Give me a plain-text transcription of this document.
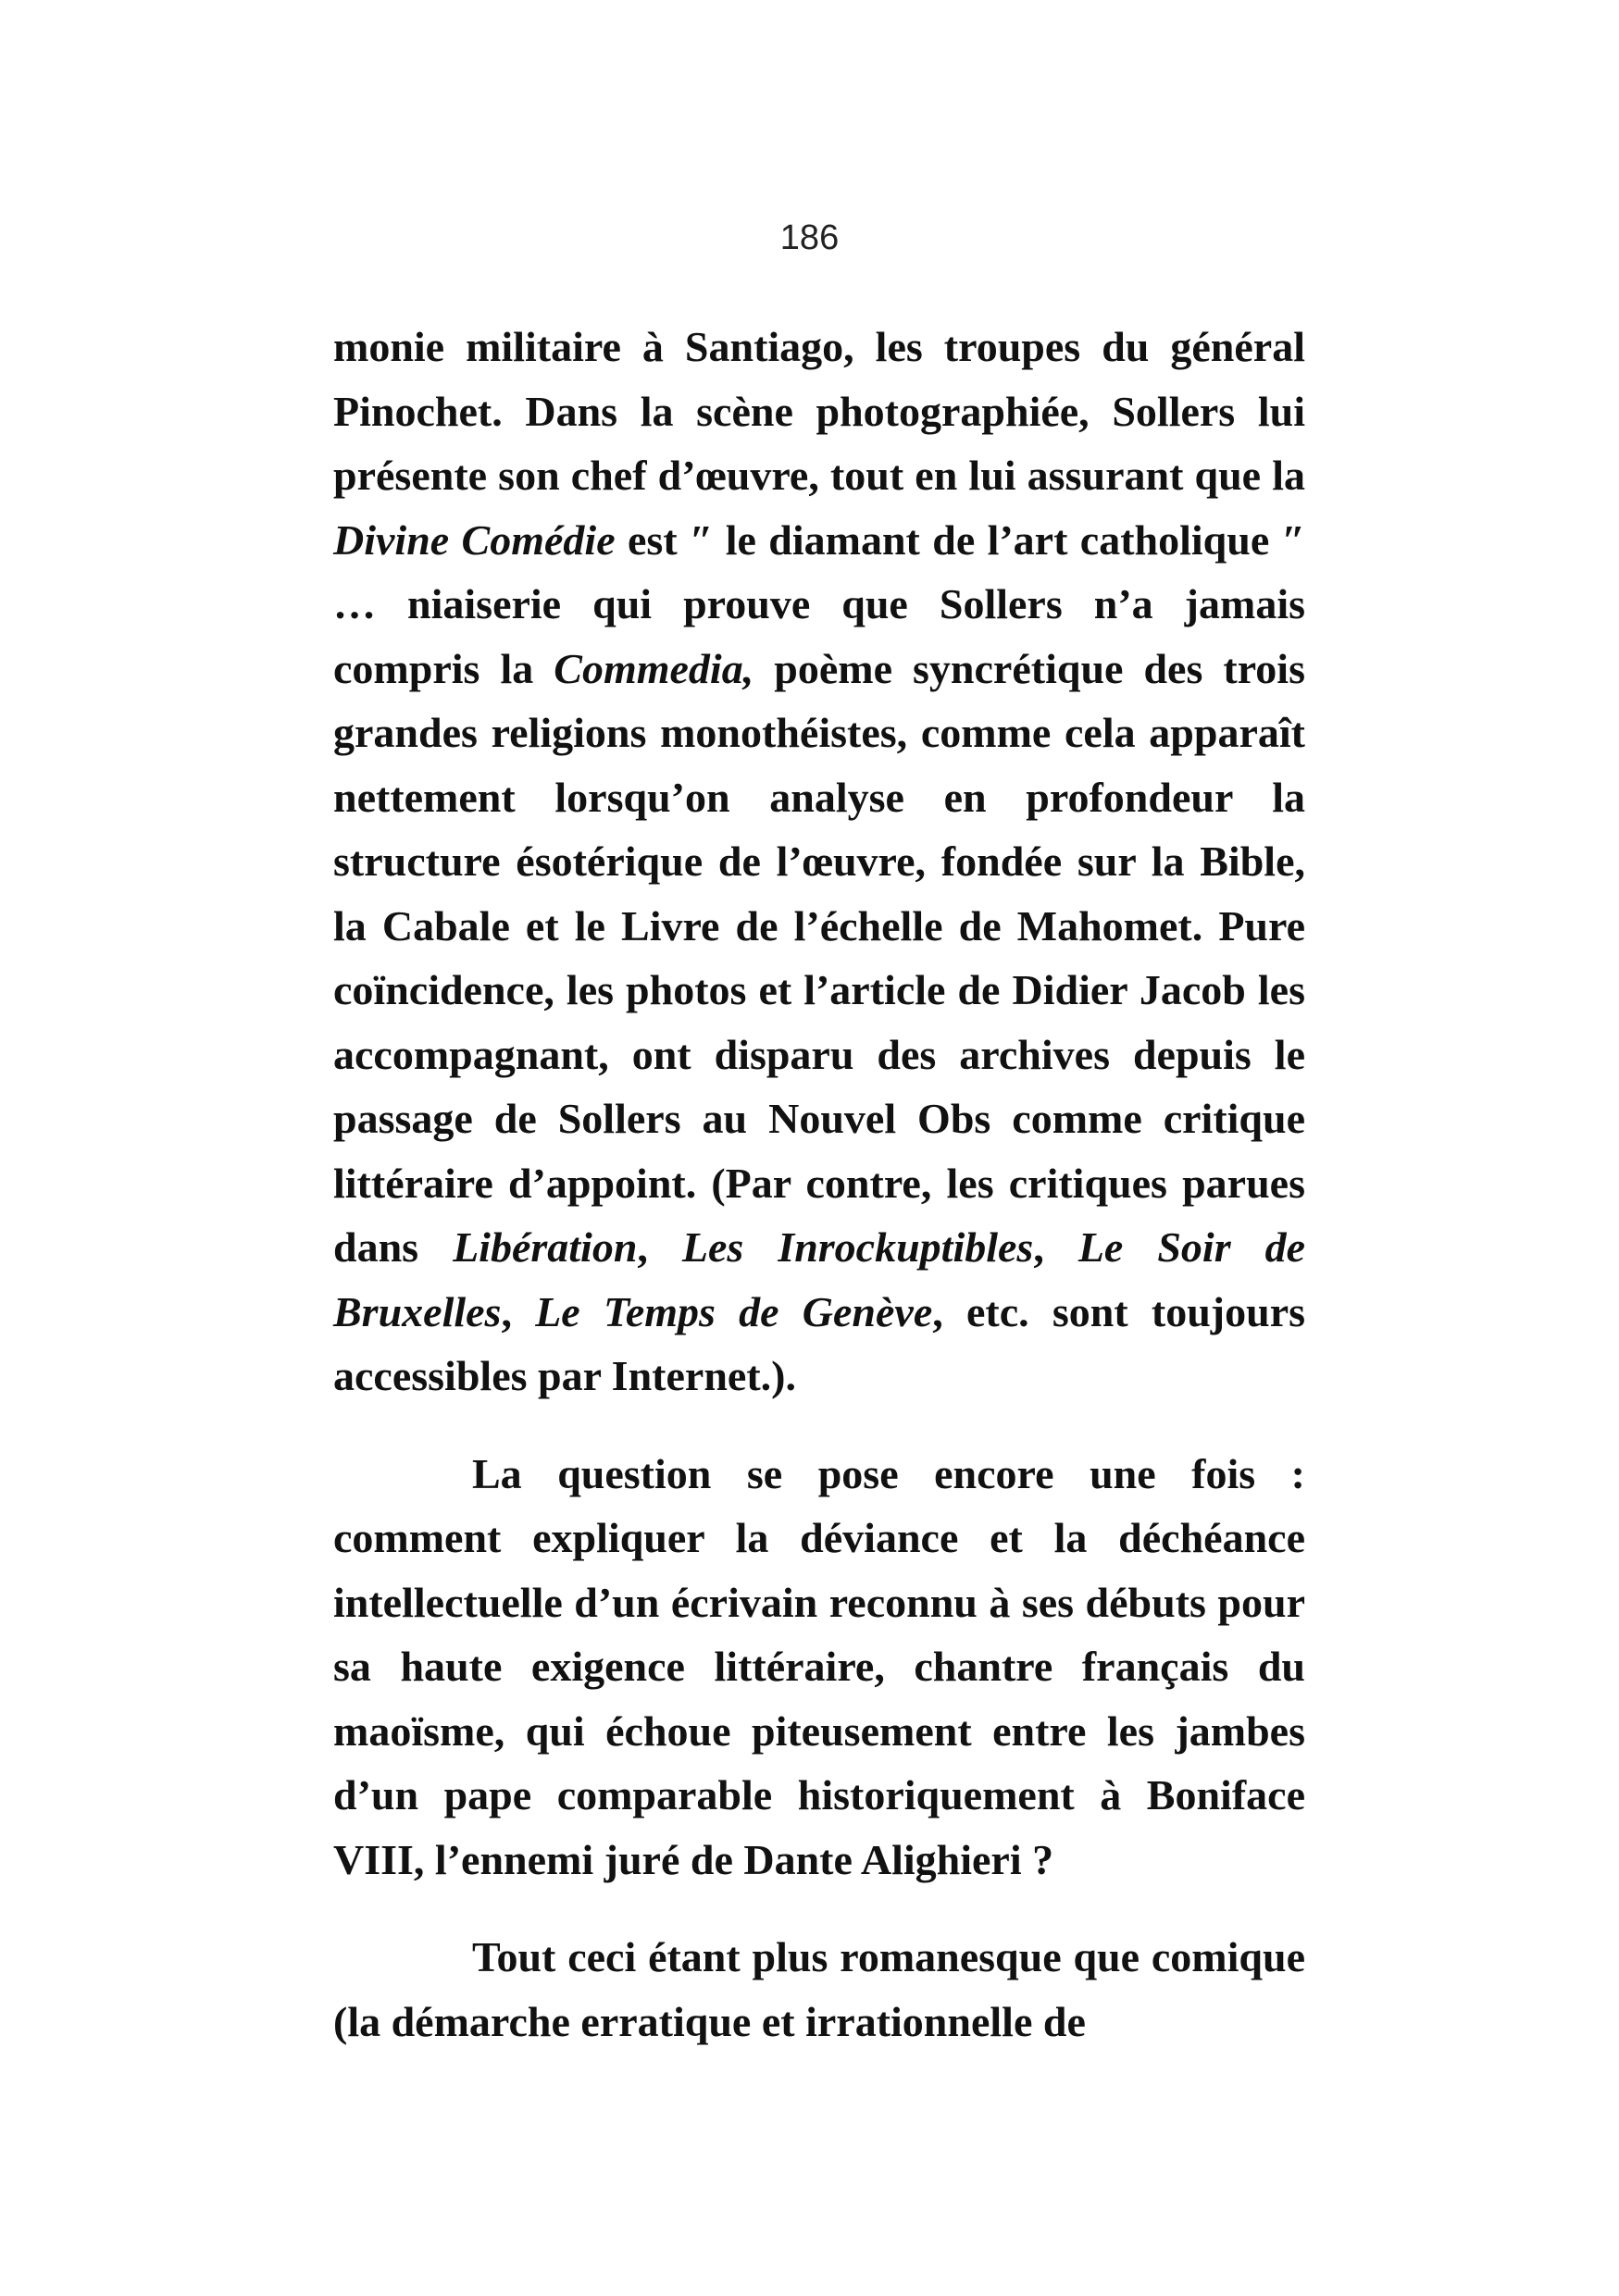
186

monie militaire à Santiago, les troupes du général Pinochet. Dans la scène photographiée, Sollers lui présente son chef d’œuvre, tout en lui assurant que la Divine Comédie est ″ le diamant de l’art catholique ″ … niaiserie qui prouve que Sollers n’a jamais compris la Commedia, poème syncrétique des trois grandes religions monothéistes, comme cela apparaît nettement lorsqu’on analyse en profondeur la structure ésotérique de l’œuvre, fondée sur la Bible, la Cabale et le Livre de l’échelle de Mahomet. Pure coïncidence, les photos et l’article de Didier Jacob les accompagnant, ont disparu des archives depuis le passage de Sollers au Nouvel Obs comme critique littéraire d’appoint. (Par contre, les critiques parues dans Libération, Les Inrockuptibles, Le Soir de Bruxelles, Le Temps de Genève, etc. sont toujours accessibles par Internet.).

La question se pose encore une fois : comment expliquer la déviance et la déchéance intellectuelle d’un écrivain reconnu à ses débuts pour sa haute exigence littéraire, chantre français du maoïsme, qui échoue piteusement entre les jambes d’un pape comparable historiquement à Boniface VIII, l’ennemi juré de Dante Alighieri ?

Tout ceci étant plus romanesque que comique (la démarche erratique et irrationnelle de
